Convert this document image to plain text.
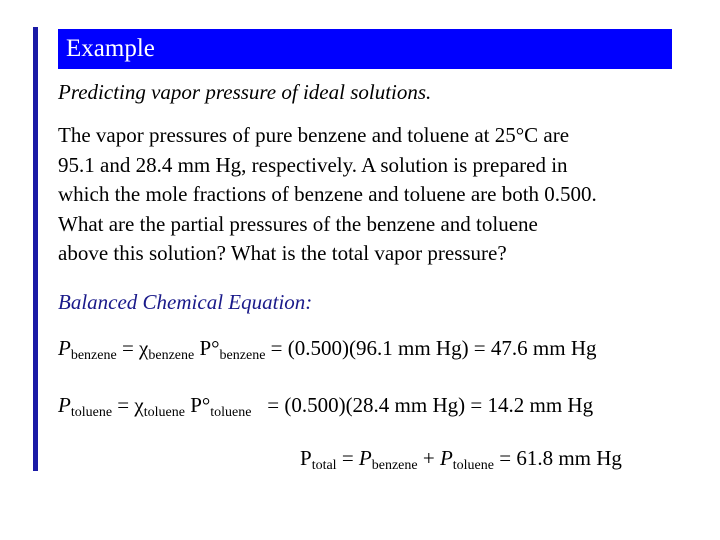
Example
Predicting vapor pressure of ideal solutions.
The vapor pressures of pure benzene and toluene at 25°C are
95.1 and 28.4 mm Hg, respectively. A solution is prepared in
which the mole fractions of benzene and toluene are both 0.500.
What are the partial pressures of the benzene and toluene
above this solution? What is the total vapor pressure?
Balanced Chemical Equation:
$P_{benzene} = \chi_{benzene}$ $P^\circ_{benzene} = (0.500)(96.1$ mm Hg) = 47.6 mm Hg
$P_{toluene} = \chi_{toluene}$ $P^\circ_{toluene} = (0.500)(28.4$ mm Hg) = 14.2 mm Hg
$P_{total} = P_{benzene} + P_{toluene} = 61.8$ mm Hg
